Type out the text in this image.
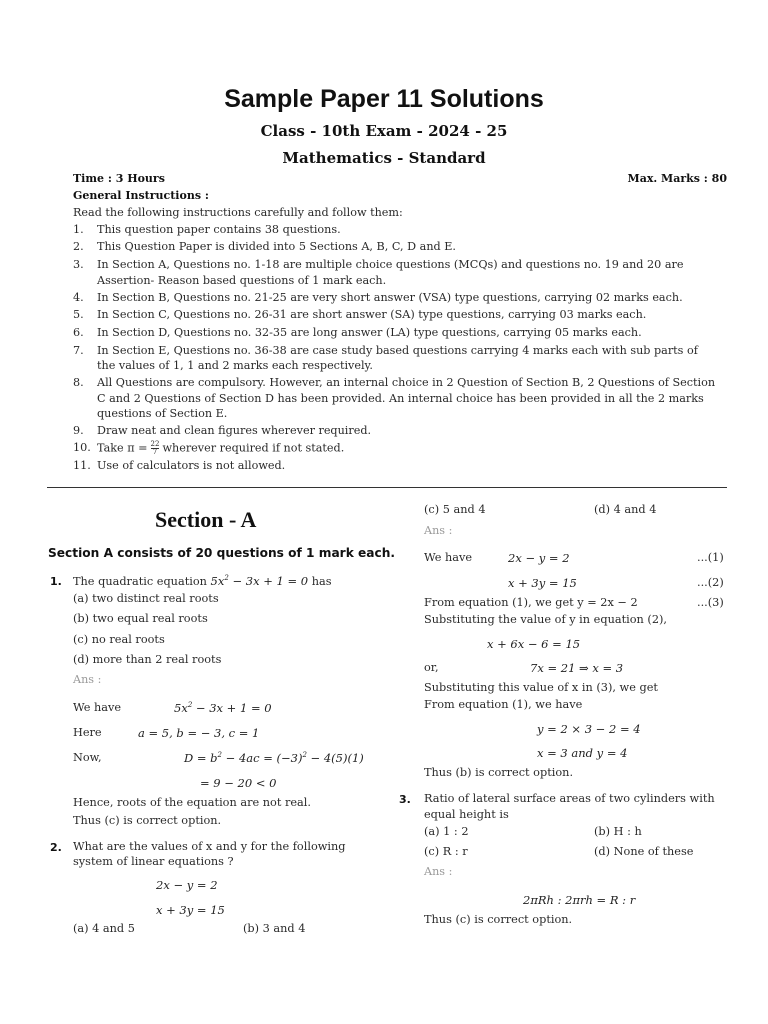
Sample Paper 11 Solutions
Class - 10th Exam - 2024 - 25
Mathematics - Standard
Time : 3 Hours	Max. Marks : 80
General Instructions :
Read the following instructions carefully and follow them:
1. This question paper contains 38 questions.
2. This Question Paper is divided into 5 Sections A, B, C, D and E.
3. In Section A, Questions no. 1-18 are multiple choice questions (MCQs) and questions no. 19 and 20 are
Assertion- Reason based questions of 1 mark each.
4. In Section B, Questions no. 21-25 are very short answer (VSA) type questions, carrying 02 marks each.
5. In Section C, Questions no. 26-31 are short answer (SA) type questions, carrying 03 marks each.
6. In Section D, Questions no. 32-35 are long answer (LA) type questions, carrying 05 marks each.
7. In Section E, Questions no. 36-38 are case study based questions carrying 4 marks each with sub parts of
the values of 1, 1 and 2 marks each respectively.
8. All Questions are compulsory. However, an internal choice in 2 Question of Section B, 2 Questions of Section
C and 2 Questions of Section D has been provided. An internal choice has been provided in all the 2 marks
questions of Section E.
9. Draw neat and clean figures wherever required.
10. Take $\pi = \frac{22}{7}$ wherever required if not stated.
11. Use of calculators is not allowed.
Section - A
Section A consists of 20 questions of 1 mark each.
1. The quadratic equation $5x^2 - 3x + 1 = 0$ has
(a) two distinct real roots
(b) two equal real roots
(c) no real roots
(d) more than 2 real roots
Ans :
We have	$5x^2 - 3x + 1 = 0$
Here	a = 5, b = − 3, c = 1
Now,	$D = b^2 - 4ac = (-3)^2 - 4(5)(1)$
= 9 − 20 < 0
Hence, roots of the equation are not real.
Thus (c) is correct option.
2. What are the values of x and y for the following
system of linear equations ?
2x − y = 2
x + 3y = 15
(a) 4 and 5	(b) 3 and 4
(c) 5 and 4	(d) 4 and 4
Ans :
We have	2x − y = 2	...(1)
x + 3y = 15	...(2)
From equation (1), we get y = 2x − 2	...(3)
Substituting the value of y in equation (2),
x + 6x − 6 = 15
or,	7x = 21 ⇒ x = 3
Substituting this value of x in (3), we get
From equation (1), we have
y = 2 × 3 − 2 = 4
x = 3 and y = 4
Thus (b) is correct option.
3. Ratio of lateral surface areas of two cylinders with
equal height is
(a) 1 : 2	(b) H : h
(c) R : r	(d) None of these
Ans :
2πRh : 2πrh = R : r
Thus (c) is correct option.
